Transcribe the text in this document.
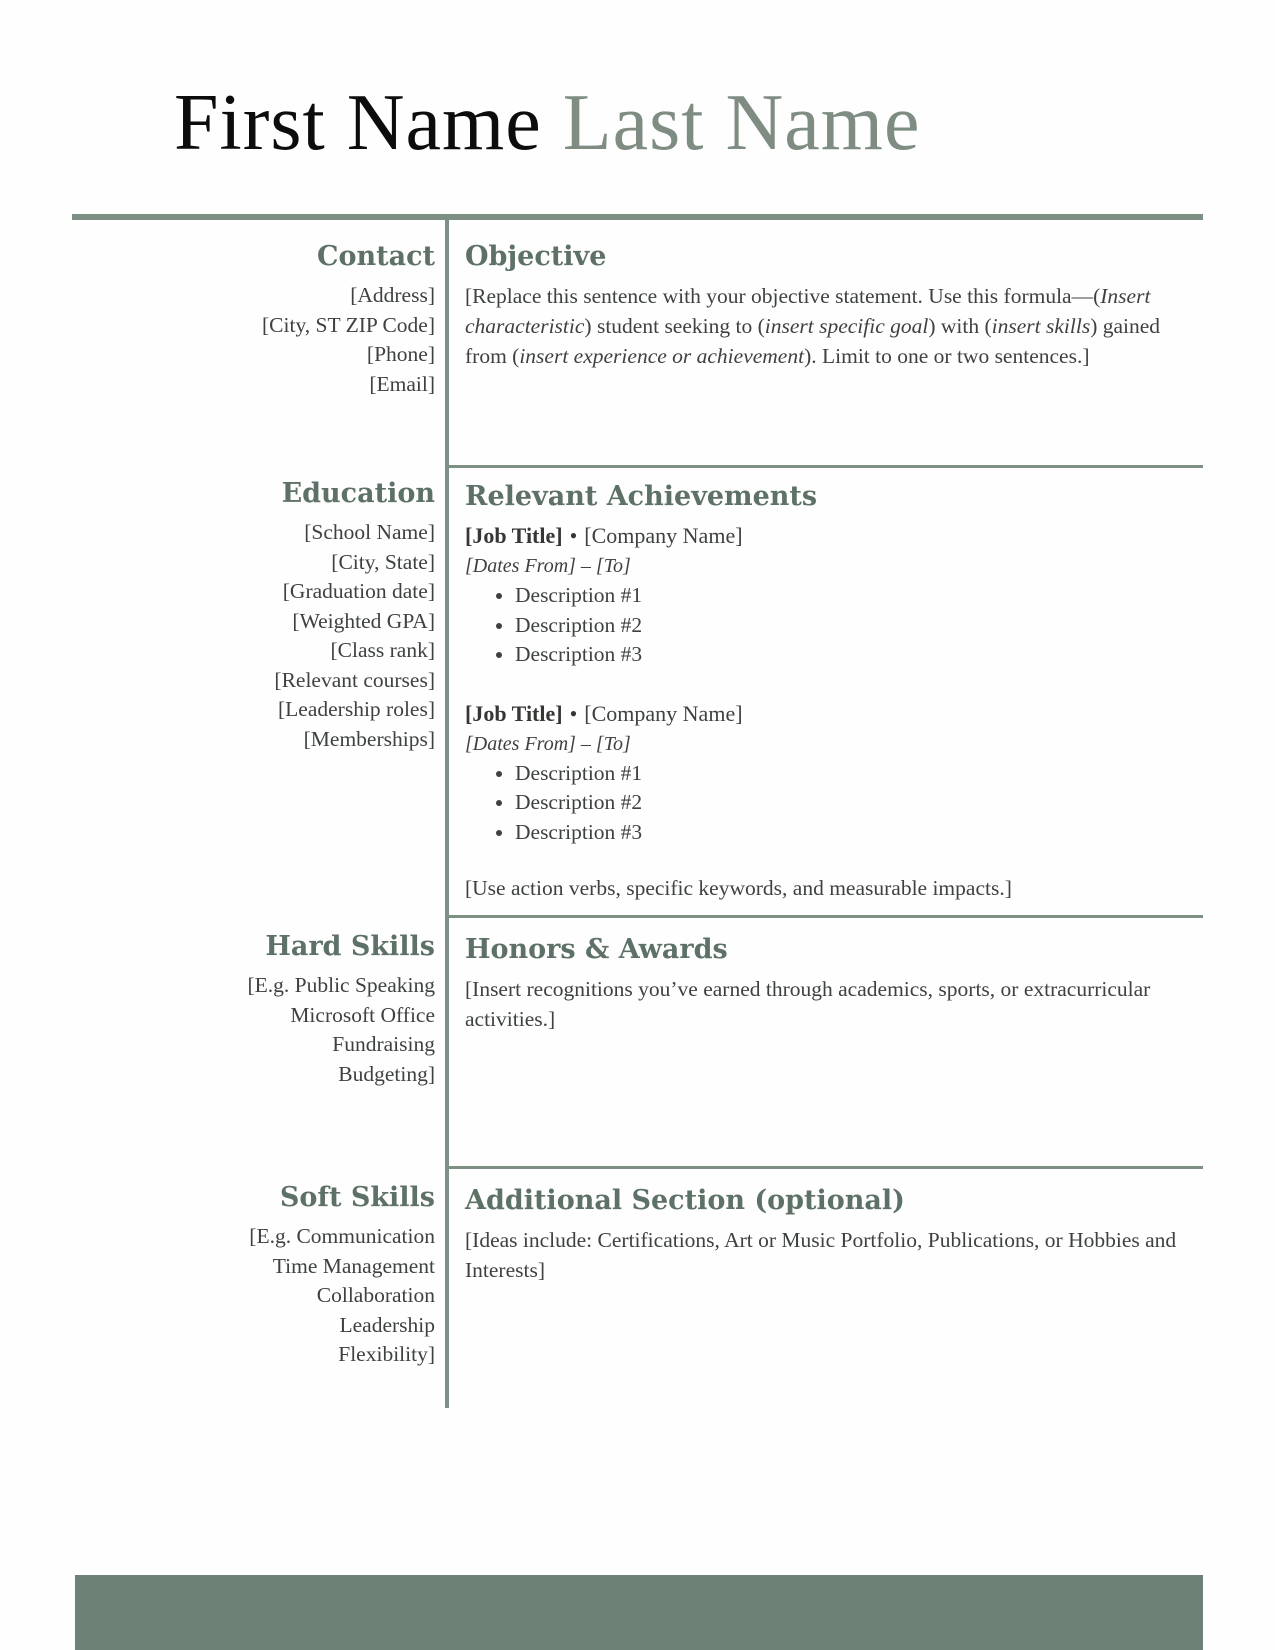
First Name Last Name
Contact
[Address]
[City, ST ZIP Code]
[Phone]
[Email]
Objective

[Replace this sentence with your objective statement. Use this formula—(Insert characteristic) student seeking to (insert specific goal) with (insert skills) gained from (insert experience or achievement). Limit to one or two sentences.]

Education
[School Name]
[City, State]
[Graduation date]
[Weighted GPA]
[Class rank]
[Relevant courses]
[Leadership roles]
[Memberships]
Relevant Achievements
[Job Title] • [Company Name]
[Dates From] – [To]
• Description #1
• Description #2
• Description #3
[Job Title] • [Company Name]
[Dates From] – [To]
• Description #1
• Description #2
• Description #3
[Use action verbs, specific keywords, and measurable impacts.]
Hard Skills
[E.g. Public Speaking
Microsoft Office
Fundraising
Budgeting]
Honors & Awards

[Insert recognitions you’ve earned through academics, sports, or extracurricular activities.]

Soft Skills
[E.g. Communication
Time Management
Collaboration
Leadership
Flexibility]
Additional Section (optional)

[Ideas include: Certifications, Art or Music Portfolio, Publications, or Hobbies and Interests]
